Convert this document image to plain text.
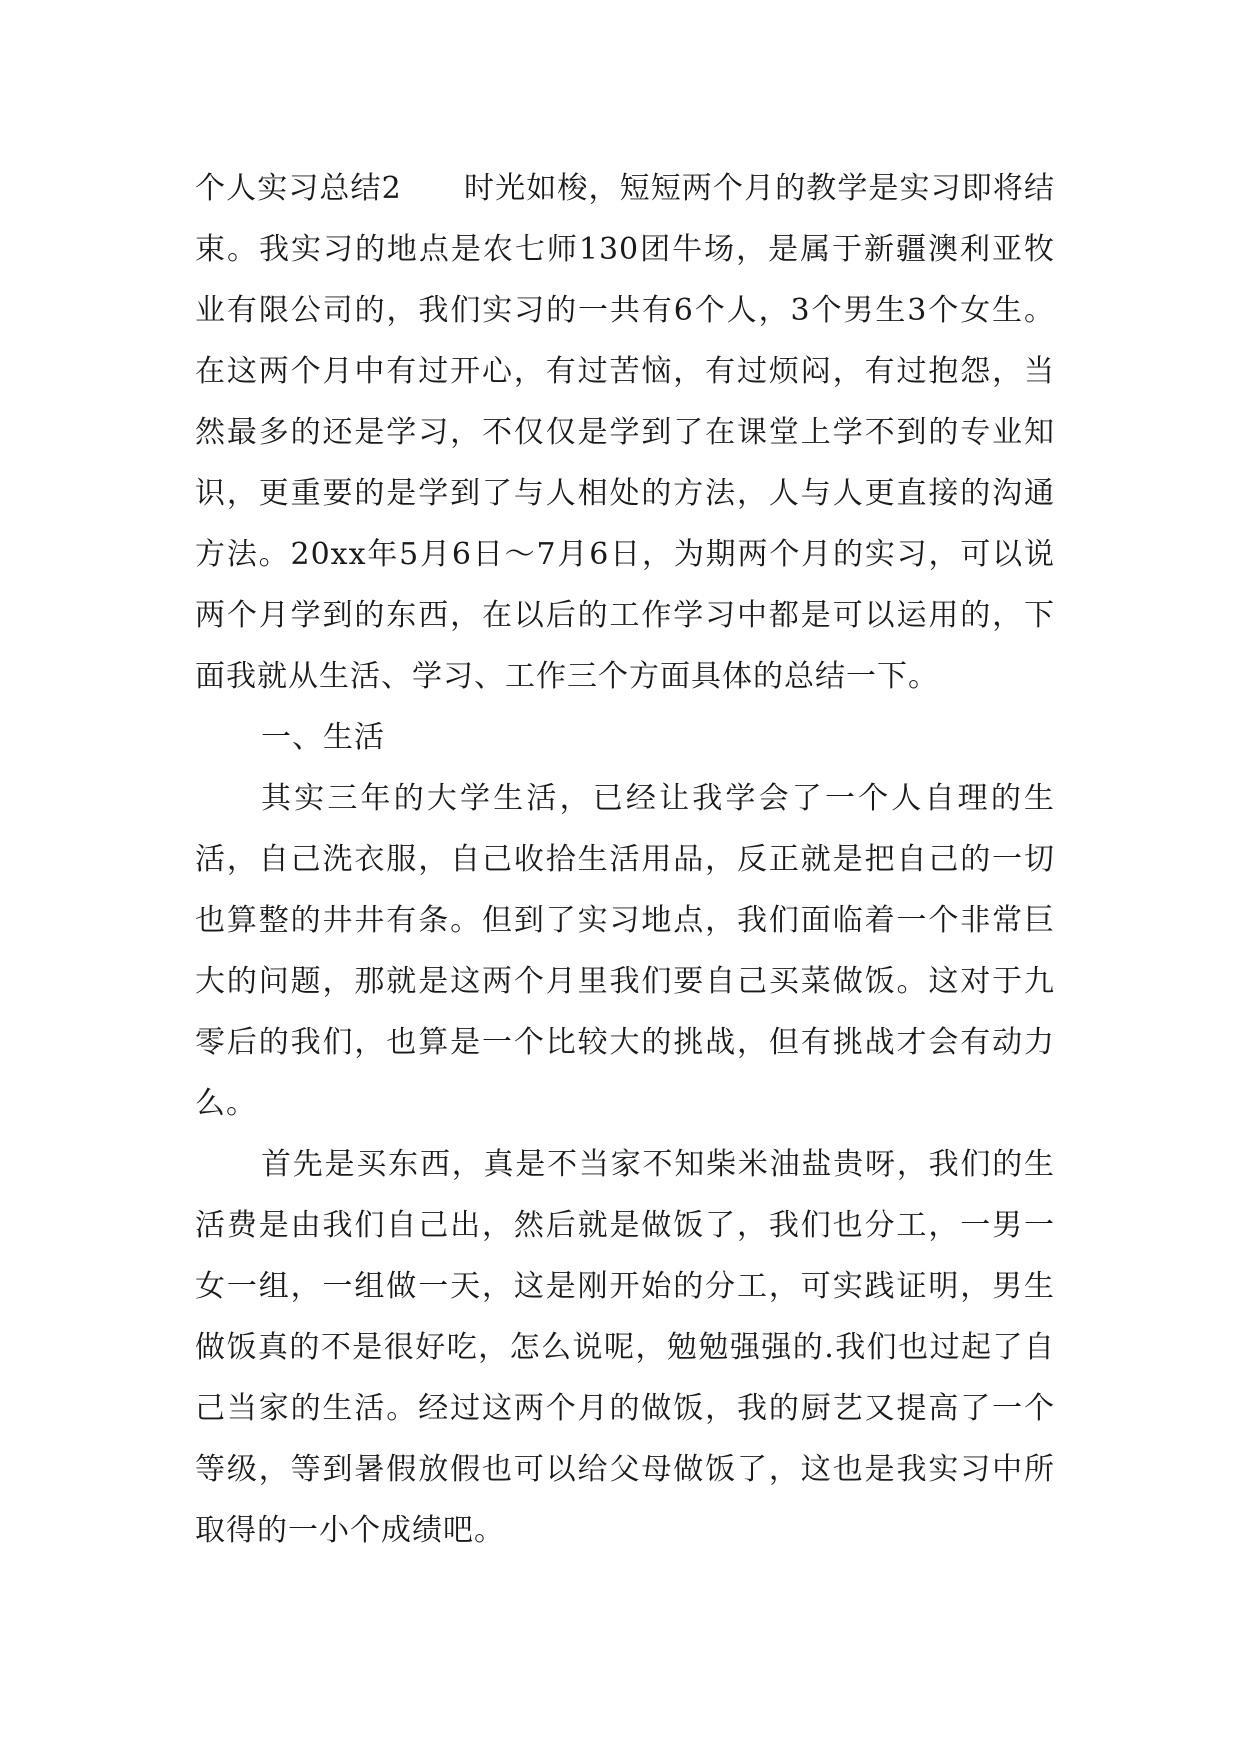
个人实习总结2　　时光如梭，短短两个月的教学是实习即将结束。我实习的地点是农七师130团牛场，是属于新疆澳利亚牧业有限公司的，我们实习的一共有6个人，3个男生3个女生。在这两个月中有过开心，有过苦恼，有过烦闷，有过抱怨，当然最多的还是学习，不仅仅是学到了在课堂上学不到的专业知识，更重要的是学到了与人相处的方法，人与人更直接的沟通方法。20xx年5月6日～7月6日，为期两个月的实习，可以说两个月学到的东西，在以后的工作学习中都是可以运用的，下面我就从生活、学习、工作三个方面具体的总结一下。

一、生活

其实三年的大学生活，已经让我学会了一个人自理的生活，自己洗衣服，自己收拾生活用品，反正就是把自己的一切也算整的井井有条。但到了实习地点，我们面临着一个非常巨大的问题，那就是这两个月里我们要自己买菜做饭。这对于九零后的我们，也算是一个比较大的挑战，但有挑战才会有动力么。

首先是买东西，真是不当家不知柴米油盐贵呀，我们的生活费是由我们自己出，然后就是做饭了，我们也分工，一男一女一组，一组做一天，这是刚开始的分工，可实践证明，男生做饭真的不是很好吃，怎么说呢，勉勉强强的.我们也过起了自己当家的生活。经过这两个月的做饭，我的厨艺又提高了一个等级，等到暑假放假也可以给父母做饭了，这也是我实习中所取得的一小个成绩吧。
